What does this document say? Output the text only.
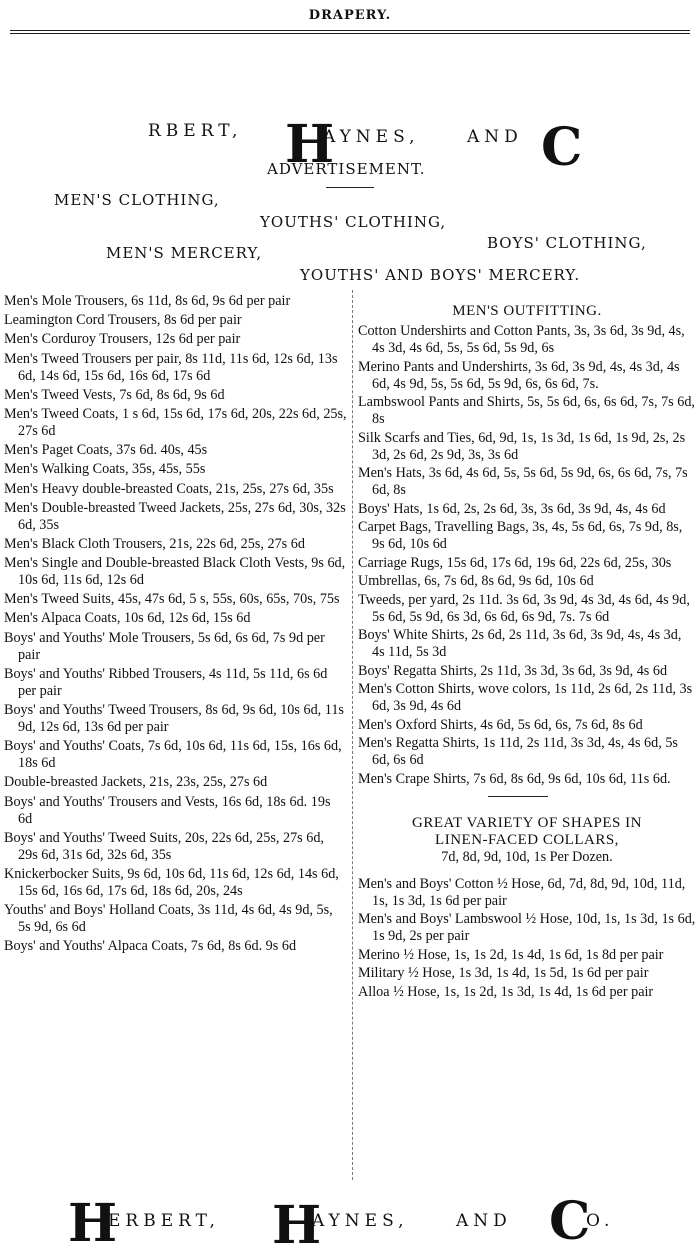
DRAPERY.
RBERT, H
AYNES,	AND C
ADVERTISEMENT.
MEN'S CLOTHING,
YOUTHS' CLOTHING,
BOYS' CLOTHING,
MEN'S MERCERY,
YOUTHS' AND BOYS' MERCERY.
Men's Mole Trousers, 6s 11d, 8s 6d, 9s 6d per pair
Leamington Cord Trousers, 8s 6d per pair
Men's Corduroy Trousers, 12s 6d per pair
Men's Tweed Trousers per pair, 8s 11d, 11s 6d, 12s 6d, 13s 6d, 14s 6d, 15s 6d, 16s 6d, 17s 6d
Men's Tweed Vests, 7s 6d, 8s 6d, 9s 6d
Men's Tweed Coats, 1 s 6d, 15s 6d, 17s 6d, 20s, 22s 6d, 25s, 27s 6d
Men's Paget Coats, 37s 6d. 40s, 45s
Men's Walking Coats, 35s, 45s, 55s
Men's Heavy double-breasted Coats, 21s, 25s, 27s 6d, 35s
Men's Double-breasted Tweed Jackets, 25s, 27s 6d, 30s, 32s 6d, 35s
Men's Black Cloth Trousers, 21s, 22s 6d, 25s, 27s 6d
Men's Single and Double-breasted Black Cloth Vests, 9s 6d, 10s 6d, 11s 6d, 12s 6d
Men's Tweed Suits, 45s, 47s 6d, 5 s, 55s, 60s, 65s, 70s, 75s
Men's Alpaca Coats, 10s 6d, 12s 6d, 15s 6d
Boys' and Youths' Mole Trousers, 5s 6d, 6s 6d, 7s 9d per pair
Boys' and Youths' Ribbed Trousers, 4s 11d, 5s 11d, 6s 6d per pair
Boys' and Youths' Tweed Trousers, 8s 6d, 9s 6d, 10s 6d, 11s 9d, 12s 6d, 13s 6d per pair
Boys' and Youths' Coats, 7s 6d, 10s 6d, 11s 6d, 15s, 16s 6d, 18s 6d
Double-breasted Jackets, 21s, 23s, 25s, 27s 6d
Boys' and Youths' Trousers and Vests, 16s 6d, 18s 6d. 19s 6d
Boys' and Youths' Tweed Suits, 20s, 22s 6d, 25s, 27s 6d, 29s 6d, 31s 6d, 32s 6d, 35s
Knickerbocker Suits, 9s 6d, 10s 6d, 11s 6d, 12s 6d, 14s 6d, 15s 6d, 16s 6d, 17s 6d, 18s 6d, 20s, 24s
Youths' and Boys' Holland Coats, 3s 11d, 4s 6d, 4s 9d, 5s, 5s 9d, 6s 6d
Boys' and Youths' Alpaca Coats, 7s 6d, 8s 6d. 9s 6d
MEN'S OUTFITTING.
Cotton Undershirts and Cotton Pants, 3s, 3s 6d, 3s 9d, 4s, 4s 3d, 4s 6d, 5s, 5s 6d, 5s 9d, 6s
Merino Pants and Undershirts, 3s 6d, 3s 9d, 4s, 4s 3d, 4s 6d, 4s 9d, 5s, 5s 6d, 5s 9d, 6s, 6s 6d, 7s.
Lambswool Pants and Shirts, 5s, 5s 6d, 6s, 6s 6d, 7s, 7s 6d, 8s
Silk Scarfs and Ties, 6d, 9d, 1s, 1s 3d, 1s 6d, 1s 9d, 2s, 2s 3d, 2s 6d, 2s 9d, 3s, 3s 6d
Men's Hats, 3s 6d, 4s 6d, 5s, 5s 6d, 5s 9d, 6s, 6s 6d, 7s, 7s 6d, 8s
Boys' Hats, 1s 6d, 2s, 2s 6d, 3s, 3s 6d, 3s 9d, 4s, 4s 6d
Carpet Bags, Travelling Bags, 3s, 4s, 5s 6d, 6s, 7s 9d, 8s, 9s 6d, 10s 6d
Carriage Rugs, 15s 6d, 17s 6d, 19s 6d, 22s 6d, 25s, 30s
Umbrellas, 6s, 7s 6d, 8s 6d, 9s 6d, 10s 6d
Tweeds, per yard, 2s 11d. 3s 6d, 3s 9d, 4s 3d, 4s 6d, 4s 9d, 5s 6d, 5s 9d, 6s 3d, 6s 6d, 6s 9d, 7s. 7s 6d
Boys' White Shirts, 2s 6d, 2s 11d, 3s 6d, 3s 9d, 4s, 4s 3d, 4s 11d, 5s 3d
Boys' Regatta Shirts, 2s 11d, 3s 3d, 3s 6d, 3s 9d, 4s 6d
Men's Cotton Shirts, wove colors, 1s 11d, 2s 6d, 2s 11d, 3s 6d, 3s 9d, 4s 6d
Men's Oxford Shirts, 4s 6d, 5s 6d, 6s, 7s 6d, 8s 6d
Men's Regatta Shirts, 1s 11d, 2s 11d, 3s 3d, 4s, 4s 6d, 5s 6d, 6s 6d
Men's Crape Shirts, 7s 6d, 8s 6d, 9s 6d, 10s 6d, 11s 6d.
GREAT VARIETY OF SHAPES IN
LINEN-FACED COLLARS,
7d, 8d, 9d, 10d, 1s Per Dozen.
Men's and Boys' Cotton ½ Hose, 6d, 7d, 8d, 9d, 10d, 11d, 1s, 1s 3d, 1s 6d per pair
Men's and Boys' Lambswool ½ Hose, 10d, 1s, 1s 3d, 1s 6d, 1s 9d, 2s per pair
Merino ½ Hose, 1s, 1s 2d, 1s 4d, 1s 6d, 1s 8d per pair
Military ½ Hose, 1s 3d, 1s 4d, 1s 5d, 1s 6d per pair
Alloa ½ Hose, 1s, 1s 2d, 1s 3d, 1s 4d, 1s 6d per pair
H
ERBERT, H
AYNES,	AND C
O.
